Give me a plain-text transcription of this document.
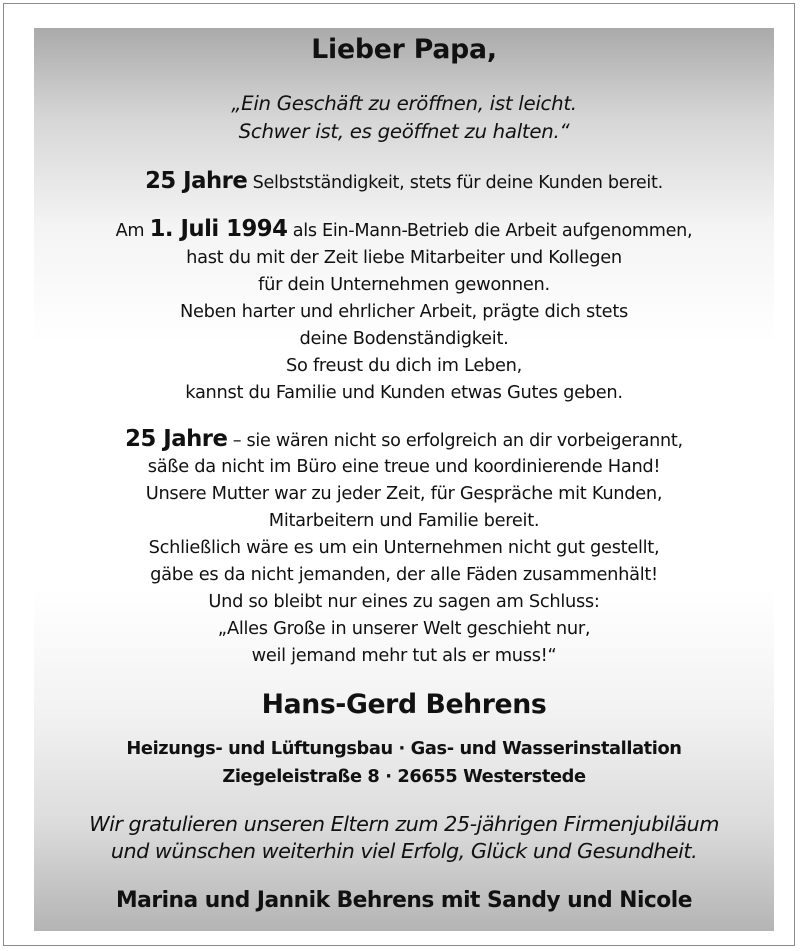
Lieber Papa,
„Ein Geschäft zu eröffnen, ist leicht.
Schwer ist, es geöffnet zu halten.“
25 Jahre Selbstständigkeit, stets für deine Kunden bereit.
Am 1. Juli 1994 als Ein-Mann-Betrieb die Arbeit aufgenommen,
hast du mit der Zeit liebe Mitarbeiter und Kollegen
für dein Unternehmen gewonnen.
Neben harter und ehrlicher Arbeit, prägte dich stets
deine Bodenständigkeit.
So freust du dich im Leben,
kannst du Familie und Kunden etwas Gutes geben.
25 Jahre – sie wären nicht so erfolgreich an dir vorbeigerannt,
säße da nicht im Büro eine treue und koordinierende Hand!
Unsere Mutter war zu jeder Zeit, für Gespräche mit Kunden,
Mitarbeitern und Familie bereit.
Schließlich wäre es um ein Unternehmen nicht gut gestellt,
gäbe es da nicht jemanden, der alle Fäden zusammenhält!
Und so bleibt nur eines zu sagen am Schluss:
„Alles Große in unserer Welt geschieht nur,
weil jemand mehr tut als er muss!“
Hans-Gerd Behrens
Heizungs- und Lüftungsbau · Gas- und Wasserinstallation
Ziegeleistraße 8 · 26655 Westerstede
Wir gratulieren unseren Eltern zum 25-jährigen Firmenjubiläum
und wünschen weiterhin viel Erfolg, Glück und Gesundheit.
Marina und Jannik Behrens mit Sandy und Nicole
